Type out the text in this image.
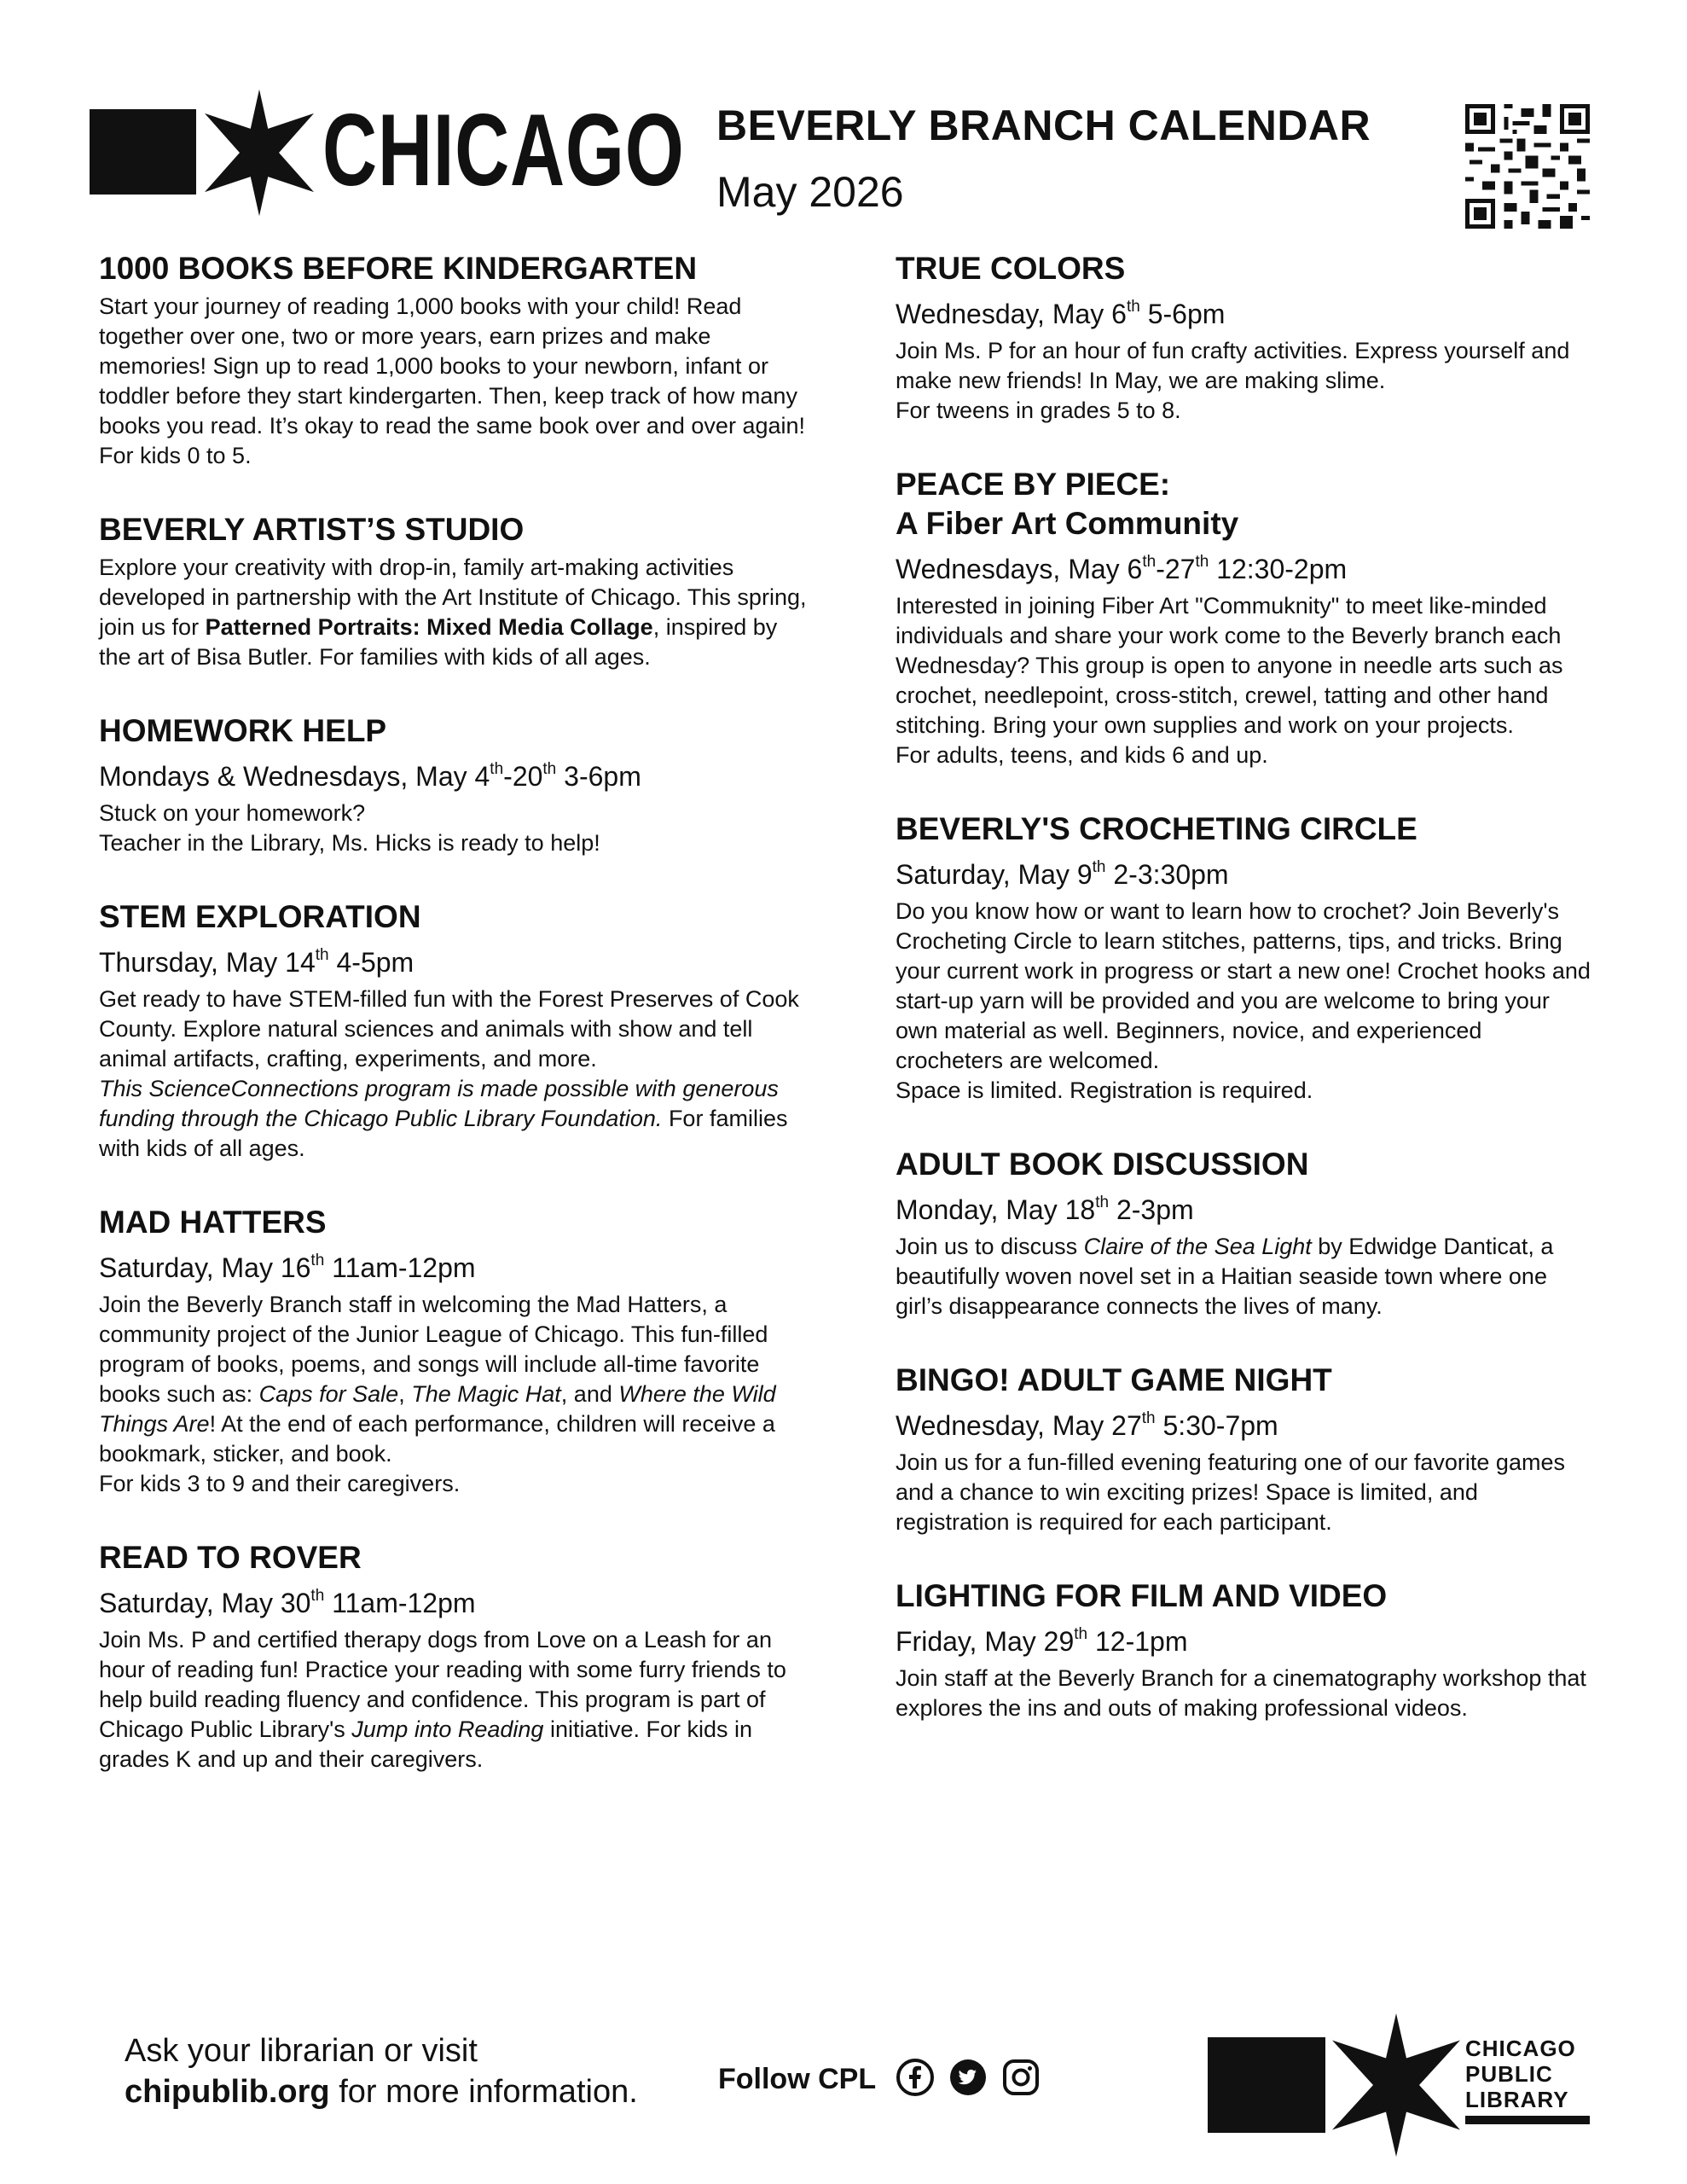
CHICAGO BEVERLY BRANCH CALENDAR
May 2026
1000 BOOKS BEFORE KINDERGARTEN

Start your journey of reading 1,000 books with your child! Read together over one, two or more years, earn prizes and make memories! Sign up to read 1,000 books to your newborn, infant or toddler before they start kindergarten. Then, keep track of how many books you read. It’s okay to read the same book over and over again! For kids 0 to 5.

BEVERLY ARTIST’S STUDIO

Explore your creativity with drop-in, family art-making activities developed in partnership with the Art Institute of Chicago. This spring, join us for Patterned Portraits: Mixed Media Collage, inspired by the art of Bisa Butler. For families with kids of all ages.

HOMEWORK HELP
Mondays & Wednesdays, May 4th-20th 3-6pm

Stuck on your homework?

Teacher in the Library, Ms. Hicks is ready to help!

STEM EXPLORATION
Thursday, May 14th 4-5pm

Get ready to have STEM-filled fun with the Forest Preserves of Cook County. Explore natural sciences and animals with show and tell animal artifacts, crafting, experiments, and more.

This ScienceConnections program is made possible with generous funding through the Chicago Public Library Foundation. For families with kids of all ages.

MAD HATTERS
Saturday, May 16th 11am-12pm

Join the Beverly Branch staff in welcoming the Mad Hatters, a community project of the Junior League of Chicago. This fun-filled program of books, poems, and songs will include all-time favorite books such as: Caps for Sale, The Magic Hat, and Where the Wild Things Are! At the end of each performance, children will receive a bookmark, sticker, and book.

For kids 3 to 9 and their caregivers.

READ TO ROVER
Saturday, May 30th 11am-12pm

Join Ms. P and certified therapy dogs from Love on a Leash for an hour of reading fun! Practice your reading with some furry friends to help build reading fluency and confidence. This program is part of Chicago Public Library's Jump into Reading initiative. For kids in grades K and up and their caregivers.

TRUE COLORS
Wednesday, May 6th 5-6pm

Join Ms. P for an hour of fun crafty activities. Express yourself and make new friends! In May, we are making slime.

For tweens in grades 5 to 8.

PEACE BY PIECE:
A Fiber Art Community
Wednesdays, May 6th-27th 12:30-2pm

Interested in joining Fiber Art "Commuknity" to meet like-minded individuals and share your work come to the Beverly branch each Wednesday? This group is open to anyone in needle arts such as crochet, needlepoint, cross-stitch, crewel, tatting and other hand stitching. Bring your own supplies and work on your projects.

For adults, teens, and kids 6 and up.

BEVERLY'S CROCHETING CIRCLE
Saturday, May 9th 2-3:30pm

Do you know how or want to learn how to crochet? Join Beverly's Crocheting Circle to learn stitches, patterns, tips, and tricks. Bring your current work in progress or start a new one! Crochet hooks and start-up yarn will be provided and you are welcome to bring your own material as well. Beginners, novice, and experienced crocheters are welcomed.

Space is limited. Registration is required.

ADULT BOOK DISCUSSION
Monday, May 18th 2-3pm

Join us to discuss Claire of the Sea Light by Edwidge Danticat, a beautifully woven novel set in a Haitian seaside town where one girl’s disappearance connects the lives of many.

BINGO! ADULT GAME NIGHT
Wednesday, May 27th 5:30-7pm

Join us for a fun-filled evening featuring one of our favorite games and a chance to win exciting prizes! Space is limited, and registration is required for each participant.

LIGHTING FOR FILM AND VIDEO
Friday, May 29th 12-1pm

Join staff at the Beverly Branch for a cinematography workshop that explores the ins and outs of making professional videos.

Ask your librarian or visit
chipublib.org for more information.	Follow CPL
CHICAGO
PUBLIC
LIBRARY
